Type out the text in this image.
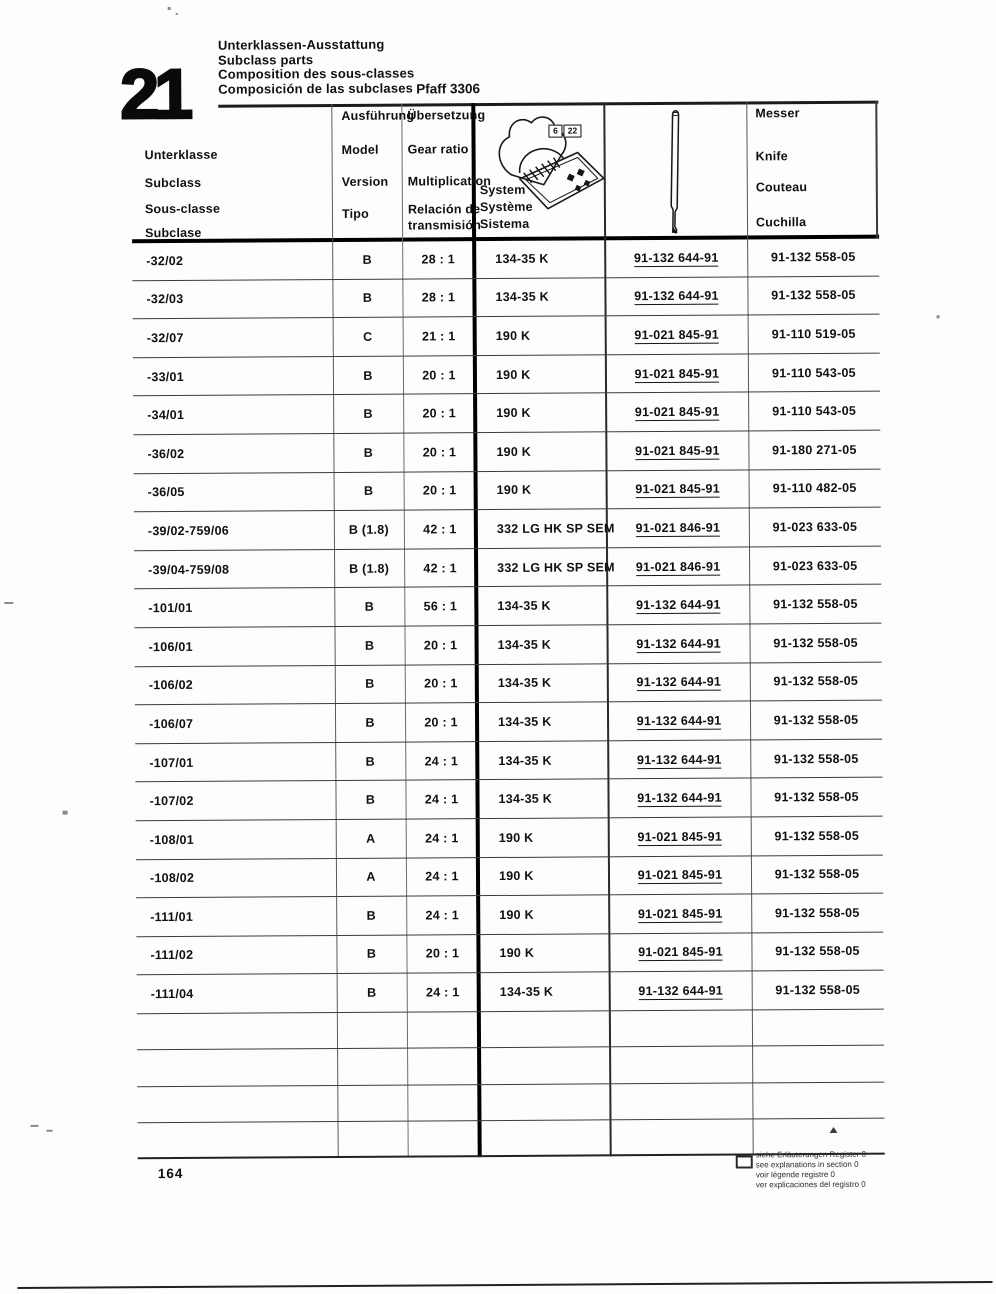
21
Unterklassen-Ausstattung
Subclass parts
Composition des sous-classes
Composición de las subclases Pfaff 3306
Unterklasse
Subclass
Sous-classe
Subclase
Ausführung
Model
Version
Tipo
Übersetzung
Gear ratio
Multiplication
Relación de
transmisión
6	22
System
Système
Sistema
Messer
Knife
Couteau
Cuchilla
-32/02	B	28 : 1	134-35 K	91-132 644-91	91-132 558-05
-32/03	B	28 : 1	134-35 K	91-132 644-91	91-132 558-05
-32/07	C	21 : 1	190 K	91-021 845-91	91-110 519-05
-33/01	B	20 : 1	190 K	91-021 845-91	91-110 543-05
-34/01	B	20 : 1	190 K	91-021 845-91	91-110 543-05
-36/02	B	20 : 1	190 K	91-021 845-91	91-180 271-05
-36/05	B	20 : 1	190 K	91-021 845-91	91-110 482-05
-39/02-759/06	B (1.8)	42 : 1	332 LG HK SP SEM	91-021 846-91	91-023 633-05
-39/04-759/08	B (1.8)	42 : 1	332 LG HK SP SEM	91-021 846-91	91-023 633-05
-101/01	B	56 : 1	134-35 K	91-132 644-91	91-132 558-05
-106/01	B	20 : 1	134-35 K	91-132 644-91	91-132 558-05
-106/02	B	20 : 1	134-35 K	91-132 644-91	91-132 558-05
-106/07	B	20 : 1	134-35 K	91-132 644-91	91-132 558-05
-107/01	B	24 : 1	134-35 K	91-132 644-91	91-132 558-05
-107/02	B	24 : 1	134-35 K	91-132 644-91	91-132 558-05
-108/01	A	24 : 1	190 K	91-021 845-91	91-132 558-05
-108/02	A	24 : 1	190 K	91-021 845-91	91-132 558-05
-111/01	B	24 : 1	190 K	91-021 845-91	91-132 558-05
-111/02	B	20 : 1	190 K	91-021 845-91	91-132 558-05
-111/04	B	24 : 1	134-35 K	91-132 644-91	91-132 558-05
164
siehe Erläuterungen Register 0
see explanations in section 0
voir légende registre 0
ver explicaciones del registro 0
